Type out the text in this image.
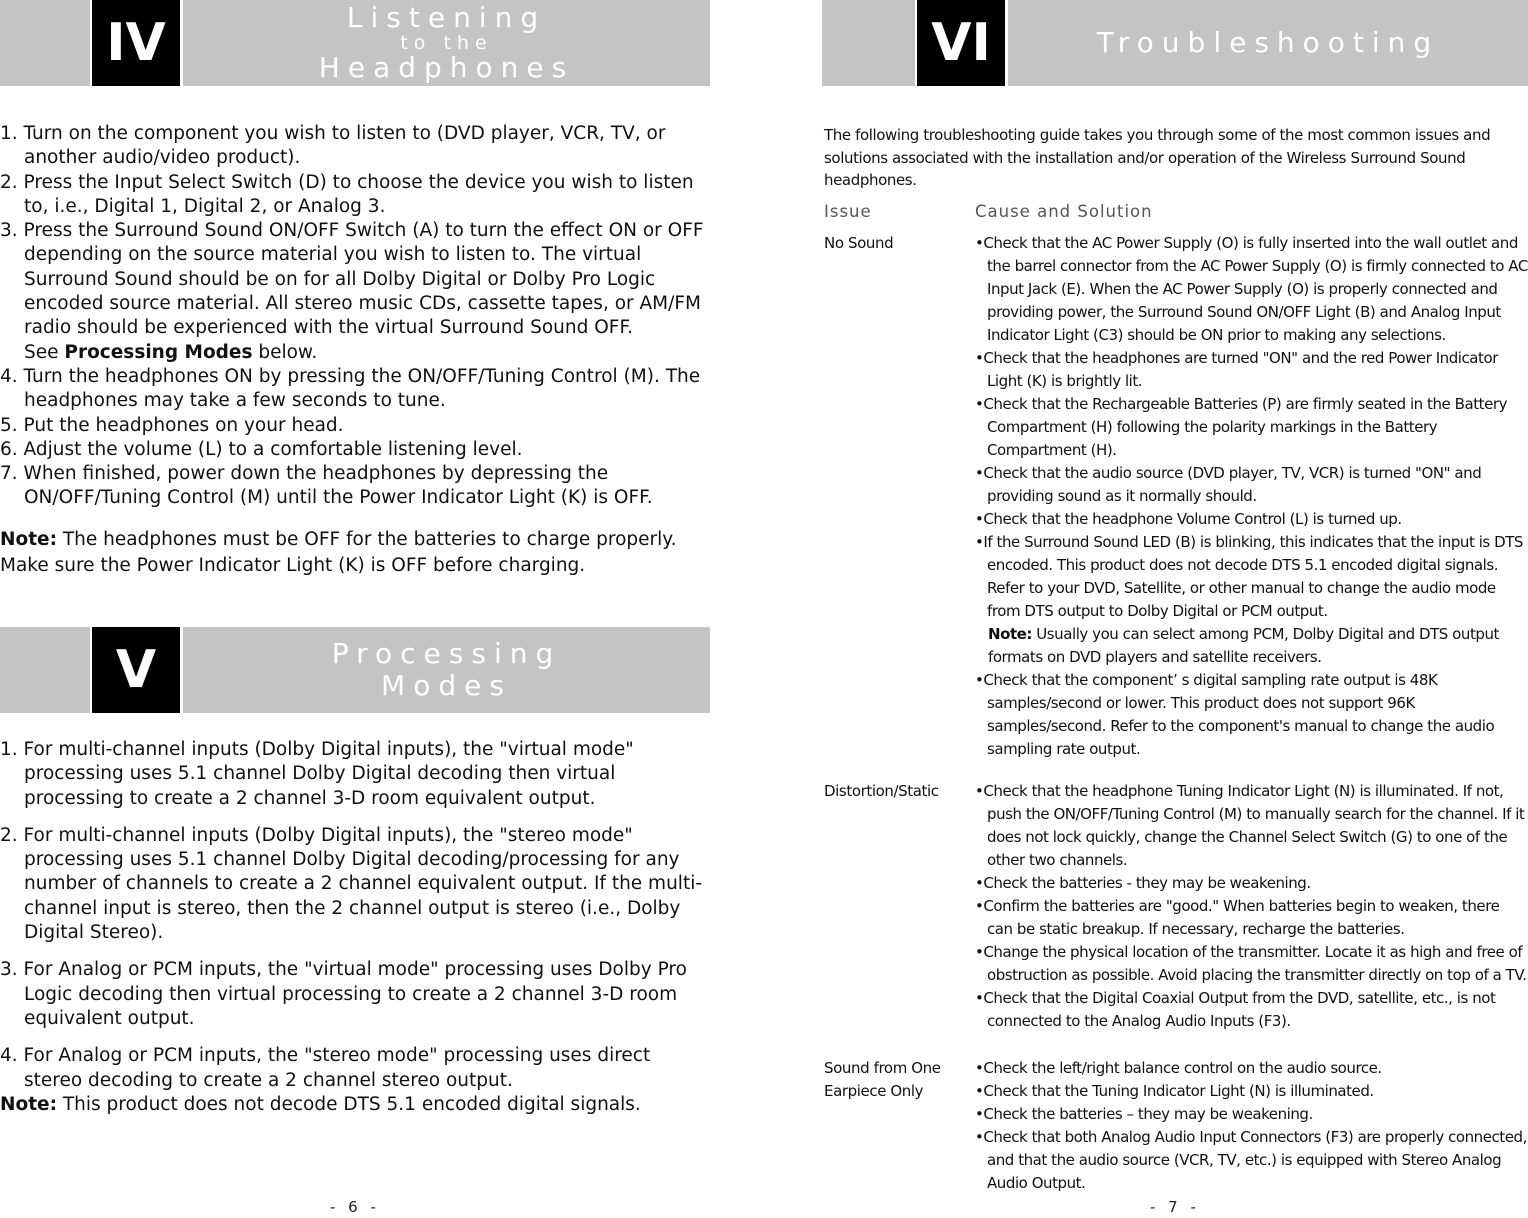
IV	Listening
to the
Headphones
1. Turn on the component you wish to listen to (DVD player, VCR, TV, or another audio/video product).
2. Press the Input Select Switch (D) to choose the device you wish to listen to, i.e., Digital 1, Digital 2, or Analog 3.
3. Press the Surround Sound ON/OFF Switch (A) to turn the effect ON or OFF depending on the source material you wish to listen to. The virtual Surround Sound should be on for all Dolby Digital or Dolby Pro Logic encoded source material. All stereo music CDs, cassette tapes, or AM/FM radio should be experienced with the virtual Surround Sound OFF.
See Processing Modes below.
4. Turn the headphones ON by pressing the ON/OFF/Tuning Control (M). The headphones may take a few seconds to tune.
5. Put the headphones on your head.
6. Adjust the volume (L) to a comfortable listening level.
7. When finished, power down the headphones by depressing the ON/OFF/Tuning Control (M) until the Power Indicator Light (K) is OFF.
Note: The headphones must be OFF for the batteries to charge properly. Make sure the Power Indicator Light (K) is OFF before charging.
V	Processing
Modes
1. For multi-channel inputs (Dolby Digital inputs), the "virtual mode" processing uses 5.1 channel Dolby Digital decoding then virtual processing to create a 2 channel 3-D room equivalent output.
2. For multi-channel inputs (Dolby Digital inputs), the "stereo mode" processing uses 5.1 channel Dolby Digital decoding/processing for any number of channels to create a 2 channel equivalent output. If the multi-channel input is stereo, then the 2 channel output is stereo (i.e., Dolby Digital Stereo).
3. For Analog or PCM inputs, the "virtual mode" processing uses Dolby Pro Logic decoding then virtual processing to create a 2 channel 3-D room equivalent output.
4. For Analog or PCM inputs, the "stereo mode" processing uses direct stereo decoding to create a 2 channel stereo output.
Note: This product does not decode DTS 5.1 encoded digital signals.
- 6 -
VI	Troubleshooting
The following troubleshooting guide takes you through some of the most common issues and solutions associated with the installation and/or operation of the Wireless Surround Sound headphones.
Issue	Cause and Solution
No Sound	• Check that the AC Power Supply (O) is fully inserted into the wall outlet and the barrel connector from the AC Power Supply (O) is firmly connected to AC Input Jack (E). When the AC Power Supply (O) is properly connected and providing power, the Surround Sound ON/OFF Light (B) and Analog Input Indicator Light (C3) should be ON prior to making any selections.
• Check that the headphones are turned "ON" and the red Power Indicator Light (K) is brightly lit.
• Check that the Rechargeable Batteries (P) are firmly seated in the Battery Compartment (H) following the polarity markings in the Battery Compartment (H).
• Check that the audio source (DVD player, TV, VCR) is turned "ON" and providing sound as it normally should.
• Check that the headphone Volume Control (L) is turned up.
• If the Surround Sound LED (B) is blinking, this indicates that the input is DTS encoded. This product does not decode DTS 5.1 encoded digital signals. Refer to your DVD, Satellite, or other manual to change the audio mode from DTS output to Dolby Digital or PCM output.
Note: Usually you can select among PCM, Dolby Digital and DTS output formats on DVD players and satellite receivers.
• Check that the component’ s digital sampling rate output is 48K samples/second or lower. This product does not support 96K samples/second. Refer to the component's manual to change the audio sampling rate output.
Distortion/Static	• Check that the headphone Tuning Indicator Light (N) is illuminated. If not, push the ON/OFF/Tuning Control (M) to manually search for the channel. If it does not lock quickly, change the Channel Select Switch (G) to one of the other two channels.
• Check the batteries - they may be weakening.
• Confirm the batteries are "good." When batteries begin to weaken, there can be static breakup. If necessary, recharge the batteries.
• Change the physical location of the transmitter. Locate it as high and free of obstruction as possible. Avoid placing the transmitter directly on top of a TV.
• Check that the Digital Coaxial Output from the DVD, satellite, etc., is not connected to the Analog Audio Inputs (F3).
Sound from One Earpiece Only
• Check the left/right balance control on the audio source.
• Check that the Tuning Indicator Light (N) is illuminated.
• Check the batteries – they may be weakening.
• Check that both Analog Audio Input Connectors (F3) are properly connected, and that the audio source (VCR, TV, etc.) is equipped with Stereo Analog Audio Output.
- 7 -
